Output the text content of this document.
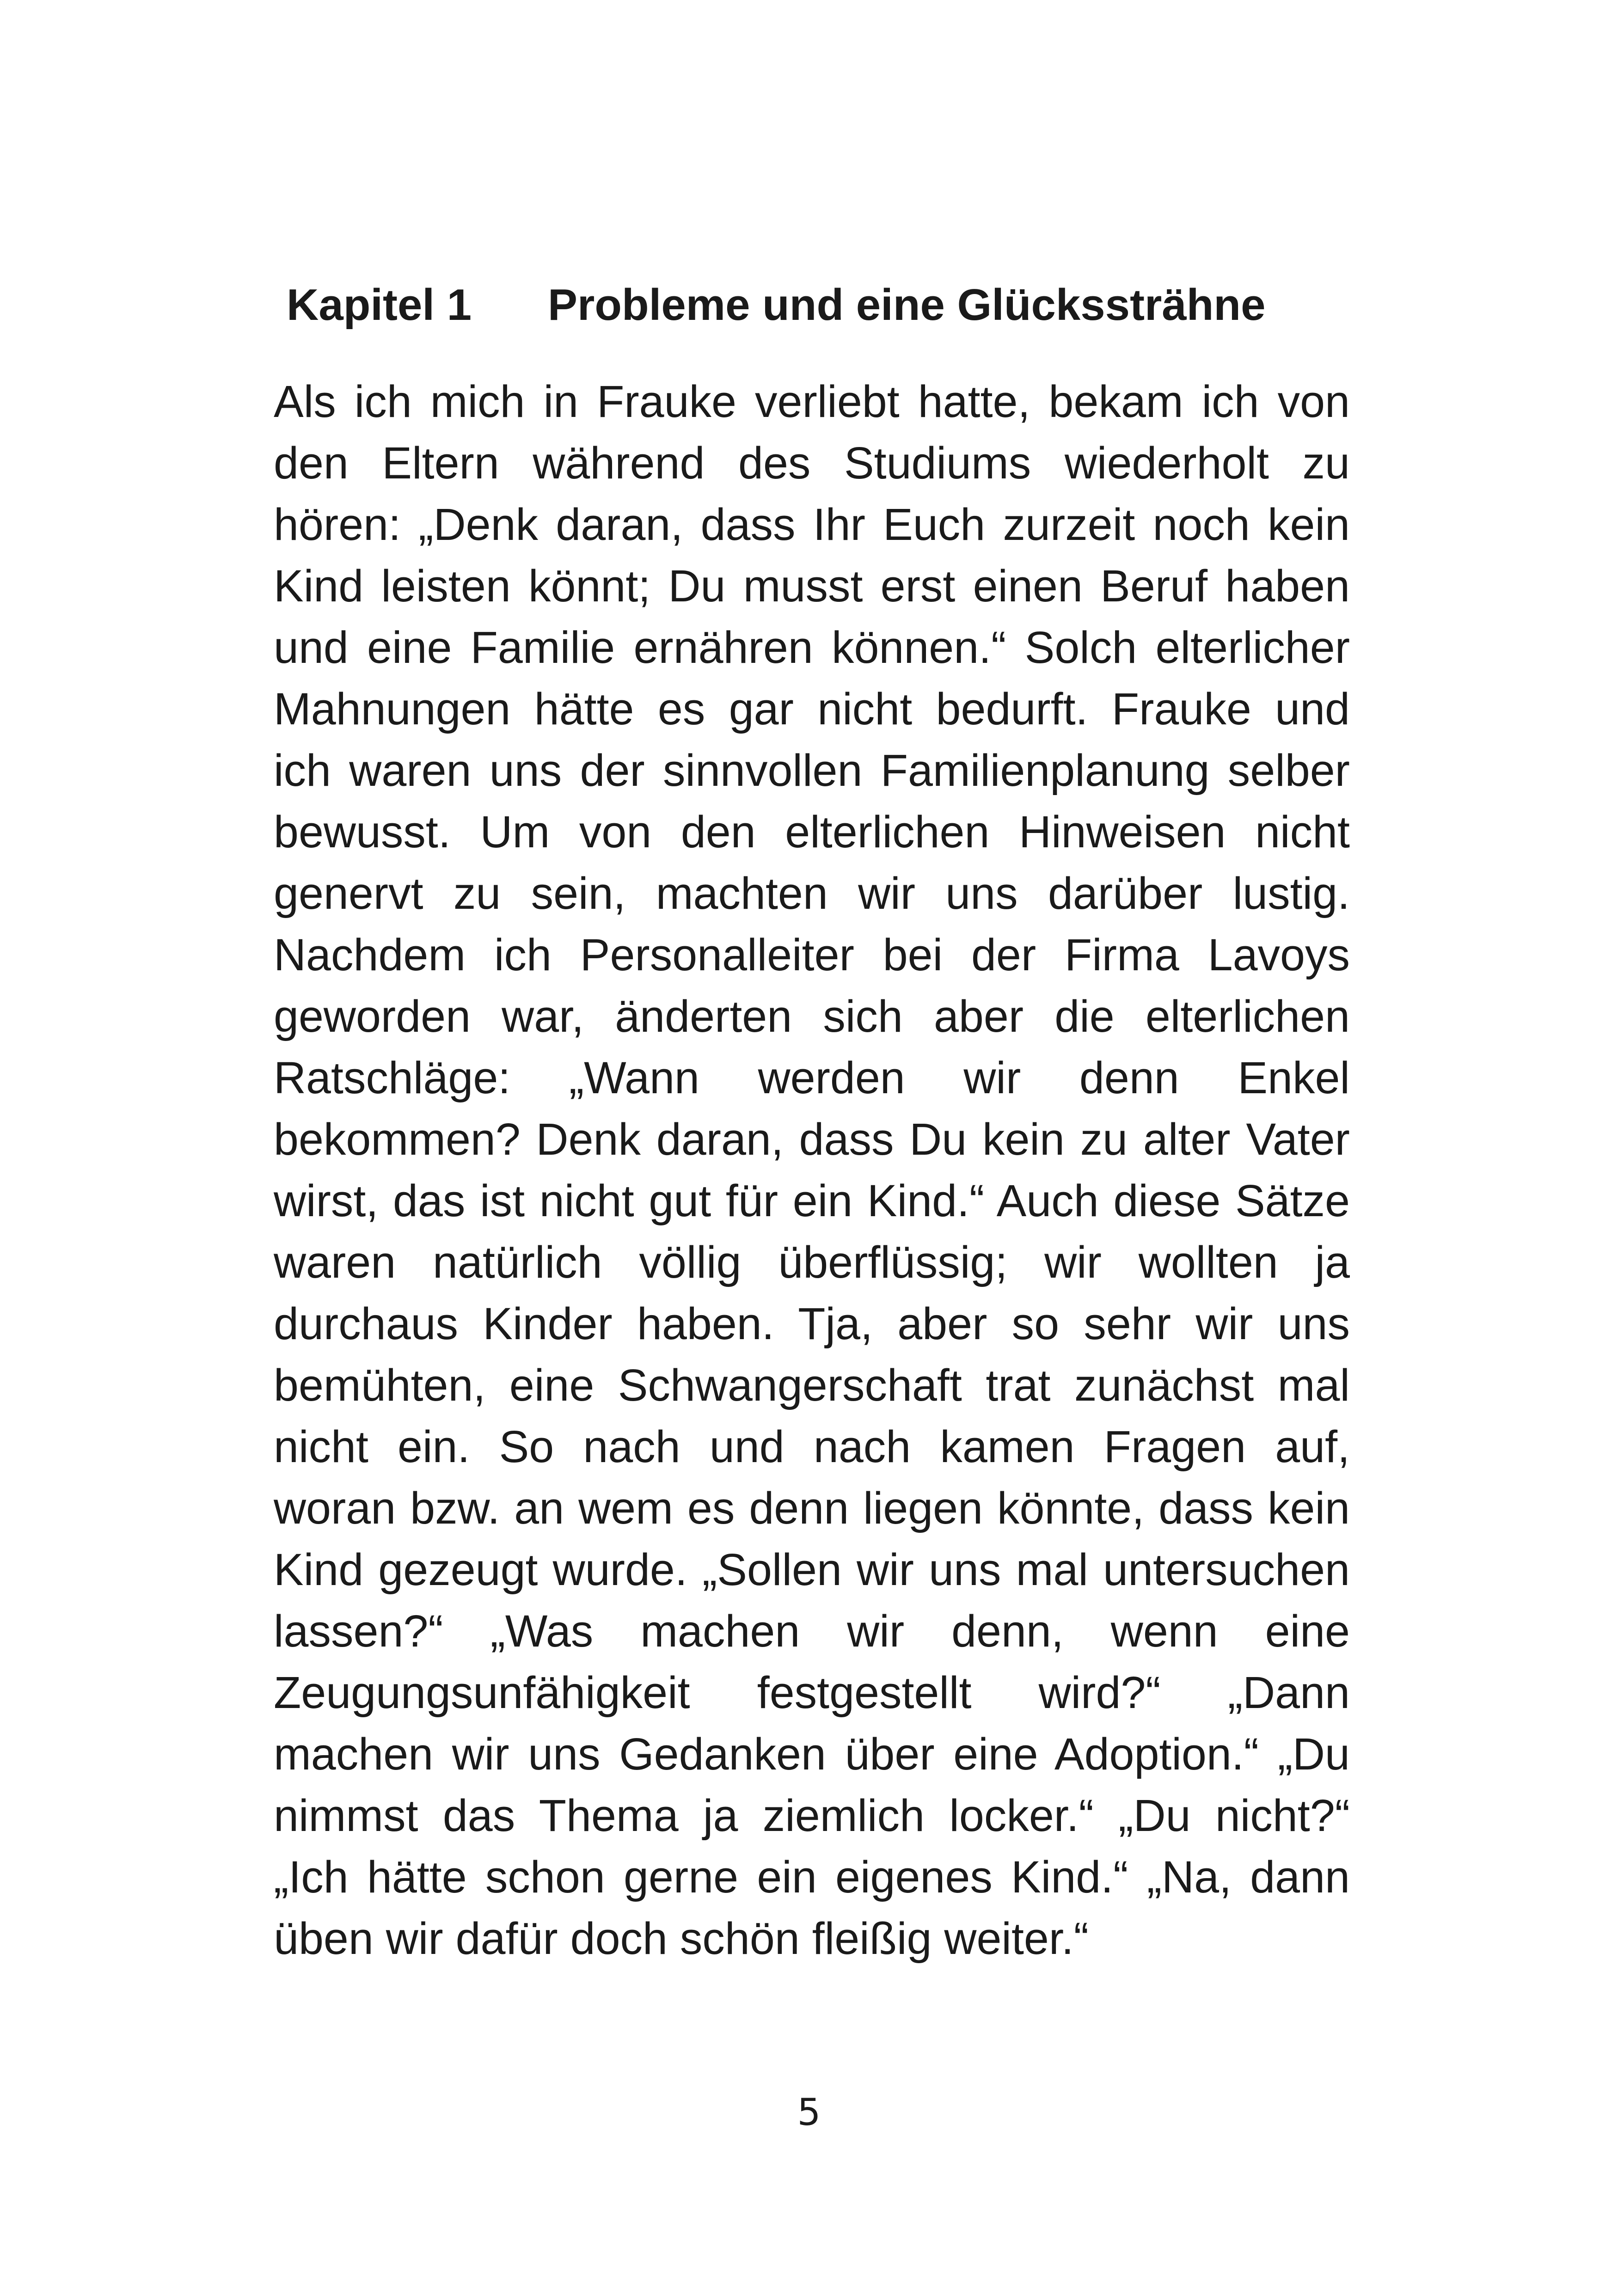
Kapitel 1 Probleme und eine Glückssträhne
Als ich mich in Frauke verliebt hatte, bekam ich von
den Eltern während des Studiums wiederholt zu
hören: „Denk daran, dass Ihr Euch zurzeit noch kein
Kind leisten könnt; Du musst erst einen Beruf haben
und eine Familie ernähren können.“ Solch elterlicher
Mahnungen hätte es gar nicht bedurft. Frauke und
ich waren uns der sinnvollen Familienplanung selber
bewusst. Um von den elterlichen Hinweisen nicht
genervt zu sein, machten wir uns darüber lustig.
Nachdem ich Personalleiter bei der Firma Lavoys
geworden war, änderten sich aber die elterlichen
Ratschläge: „Wann werden wir denn Enkel
bekommen? Denk daran, dass Du kein zu alter Vater
wirst, das ist nicht gut für ein Kind.“ Auch diese Sätze
waren natürlich völlig überflüssig; wir wollten ja
durchaus Kinder haben. Tja, aber so sehr wir uns
bemühten, eine Schwangerschaft trat zunächst mal
nicht ein. So nach und nach kamen Fragen auf,
woran bzw. an wem es denn liegen könnte, dass kein
Kind gezeugt wurde. „Sollen wir uns mal untersuchen
lassen?“ „Was machen wir denn, wenn eine
Zeugungsunfähigkeit festgestellt wird?“ „Dann
machen wir uns Gedanken über eine Adoption.“ „Du
nimmst das Thema ja ziemlich locker.“ „Du nicht?“
„Ich hätte schon gerne ein eigenes Kind.“ „Na, dann
üben wir dafür doch schön fleißig weiter.“
5
